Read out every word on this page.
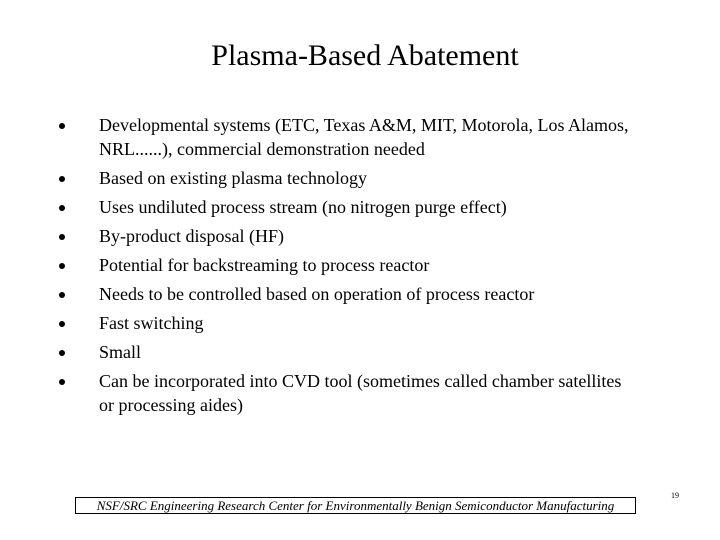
Plasma-Based Abatement
Developmental systems (ETC, Texas A&M, MIT, Motorola, Los Alamos, NRL......), commercial demonstration needed
Based on existing plasma technology
Uses undiluted process stream (no nitrogen purge effect)
By-product disposal (HF)
Potential for backstreaming to process reactor
Needs to be controlled based on operation of process reactor
Fast switching
Small
Can be incorporated into CVD tool (sometimes called chamber satellites or processing aides)
NSF/SRC Engineering Research Center for Environmentally Benign Semiconductor Manufacturing
19
